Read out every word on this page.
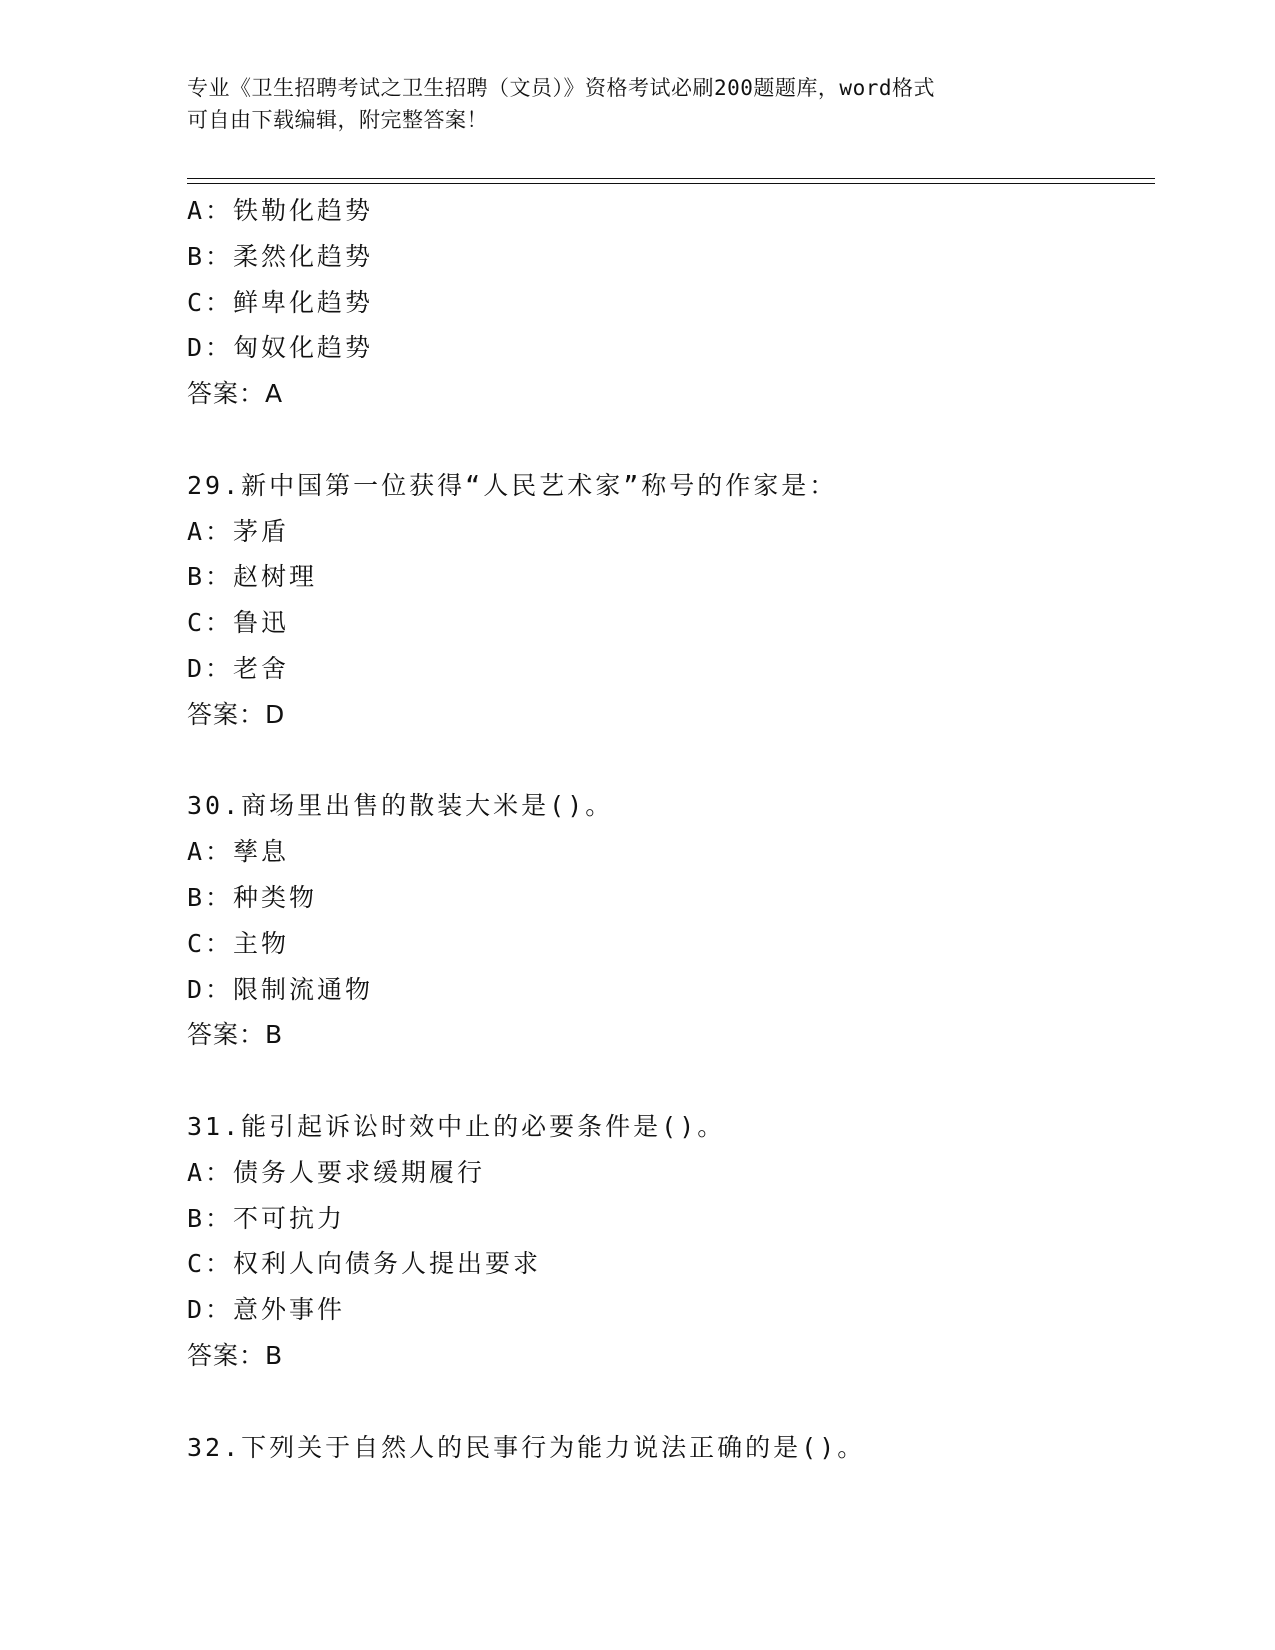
专业《卫生招聘考试之卫生招聘（文员）》资格考试必刷200题题库，word格式
可自由下载编辑，附完整答案！
A：铁勒化趋势
B：柔然化趋势
C：鲜卑化趋势
D：匈奴化趋势
答案：A
29.新中国第一位获得“人民艺术家”称号的作家是：
A：茅盾
B：赵树理
C：鲁迅
D：老舍
答案：D
30.商场里出售的散装大米是()。
A：孳息
B：种类物
C：主物
D：限制流通物
答案：B
31.能引起诉讼时效中止的必要条件是()。
A：债务人要求缓期履行
B：不可抗力
C：权利人向债务人提出要求
D：意外事件
答案：B
32.下列关于自然人的民事行为能力说法正确的是()。
